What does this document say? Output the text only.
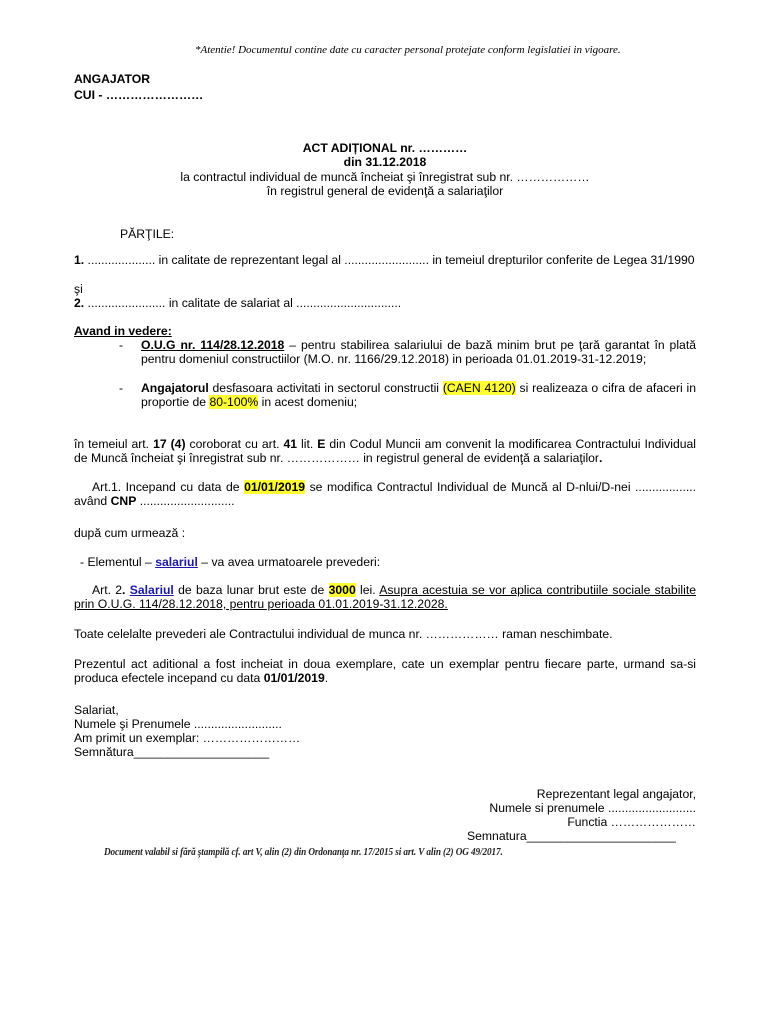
*Atentie! Documentul contine date cu caracter personal protejate conform legislatiei in vigoare.
ANGAJATOR
CUI - ……………………
ACT ADIȚIONAL nr. …………
din 31.12.2018
la contractul individual de muncă încheiat şi înregistrat sub nr. ………………
în registrul general de evidenţă a salariaţilor
PĂRŢILE:
1. .................... in calitate de reprezentant legal al ......................... in temeiul drepturilor conferite de Legea 31/1990
şi
2. ....................... in calitate de salariat al ...............................
Avand in vedere:
- O.U.G nr. 114/28.12.2018 – pentru stabilirea salariului de bază minim brut pe ţară garantat în plată pentru domeniul constructiilor (M.O. nr. 1166/29.12.2018) in perioada 01.01.2019-31-12.2019;
- Angajatorul desfasoara activitati in sectorul constructii (CAEN 4120) si realizeaza o cifra de afaceri in proportie de 80-100% in acest domeniu;
în temeiul art. 17 (4) coroborat cu art. 41 lit. E din Codul Muncii am convenit la modificarea Contractului Individual de Muncă încheiat şi înregistrat sub nr. ……………… in registrul general de evidenţă a salariaţilor.
Art.1. Incepand cu data de 01/01/2019 se modifica Contractul Individual de Muncă al D-nlui/D-nei .................. având CNP ............................
după cum urmează :
- Elementul – salariul – va avea urmatoarele prevederi:
Art. 2. Salariul de baza lunar brut este de 3000 lei. Asupra acestuia se vor aplica contributiile sociale stabilite prin O.U.G. 114/28.12.2018, pentru perioada 01.01.2019-31.12.2028.
Toate celelalte prevederi ale Contractului individual de munca nr. ……………… raman neschimbate.
Prezentul act aditional a fost incheiat in doua exemplare, cate un exemplar pentru fiecare parte, urmand sa-si produca efectele incepand cu data 01/01/2019.
Salariat,
Numele şi Prenumele ..........................
Am primit un exemplar: ……………………
Semnătura____________________
Reprezentant legal angajator,
Numele si prenumele ..........................
Functia …………………
Semnatura______________________
Document valabil si fără ştampilă cf. art V, alin (2) din Ordonanţa nr. 17/2015 si art. V alin (2) OG 49/2017.
